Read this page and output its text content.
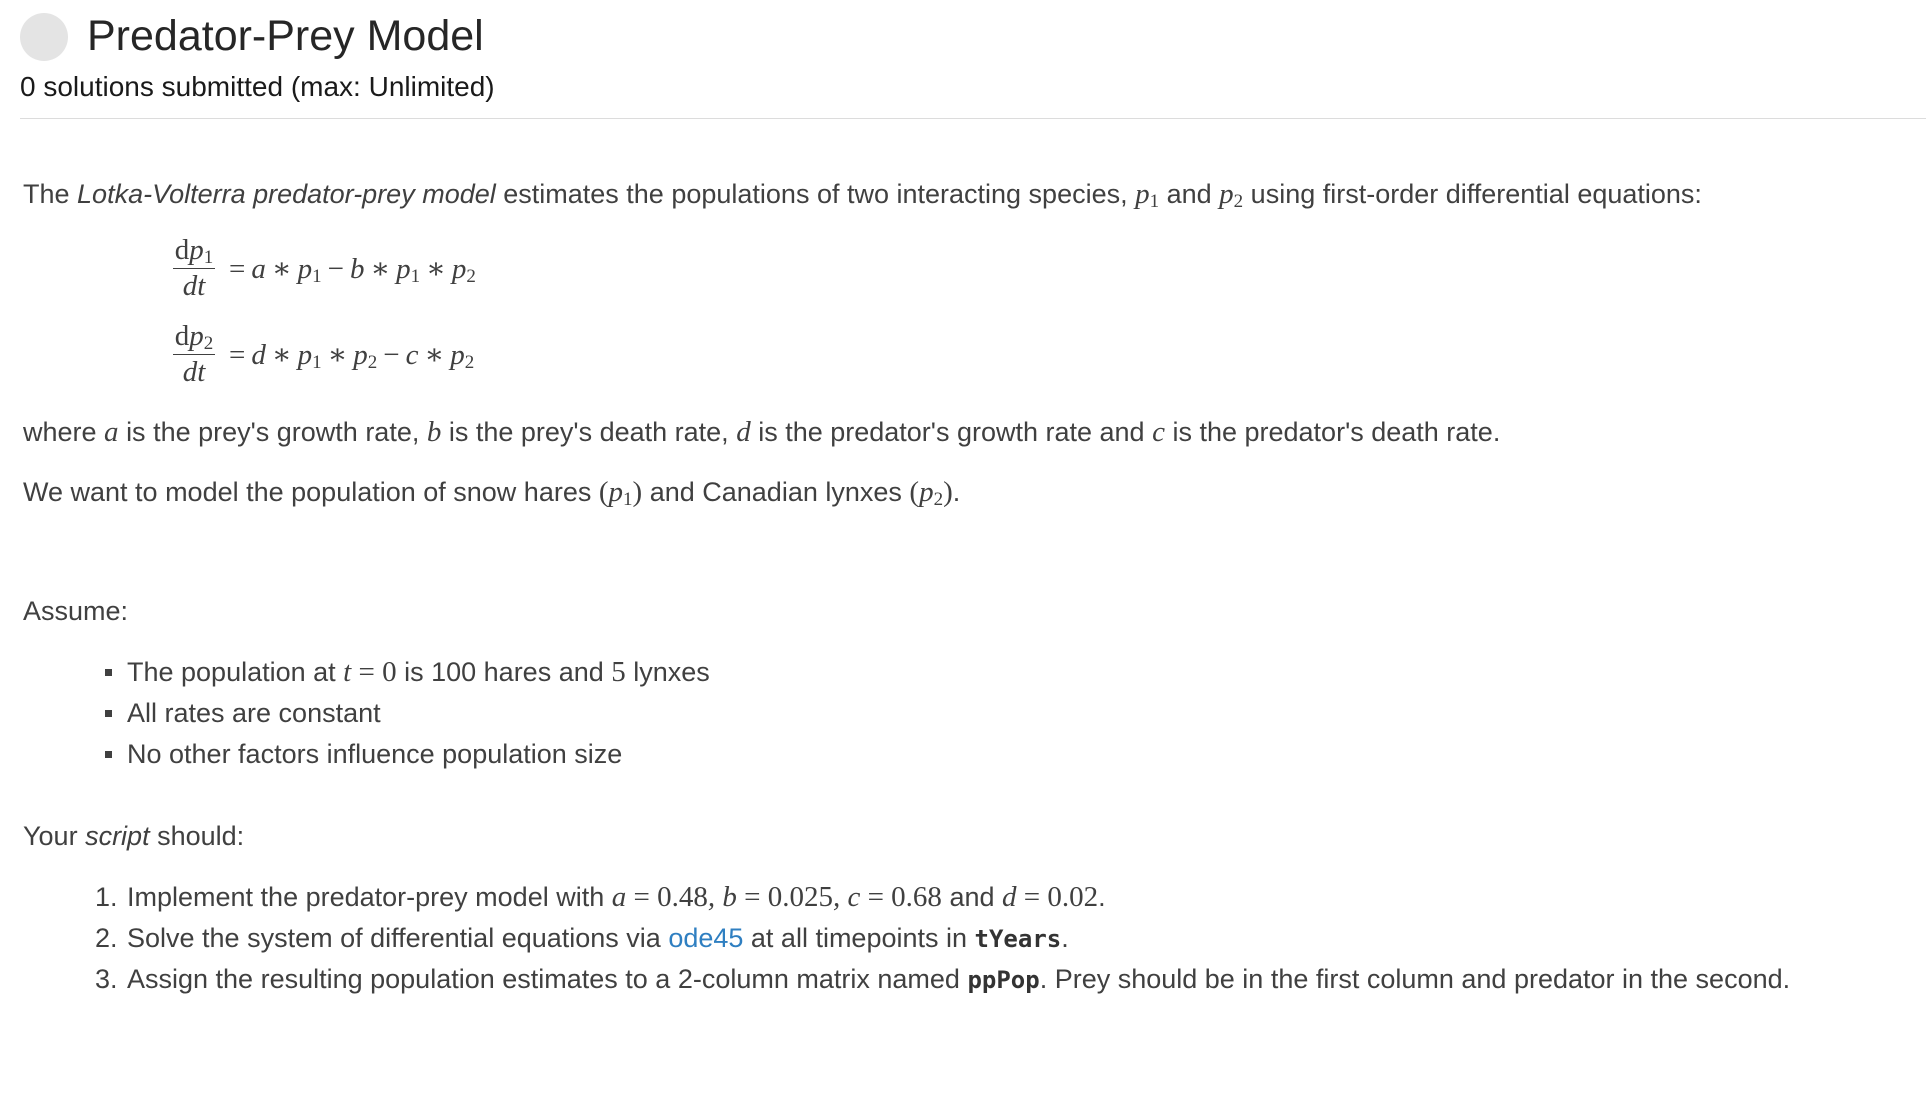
Predator-Prey Model
0 solutions submitted (max: Unlimited)
The Lotka-Volterra predator-prey model estimates the populations of two interacting species, $p_1$ and $p_2$ using first-order differential equations:
$\frac{dp_1}{dt} = a$ ∗ $p_1 - b$ ∗ $p_1$ ∗ $p_2$
$\frac{dp_2}{dt} = d$ ∗ $p_1$ ∗ $p_2 - c$ ∗ $p_2$
where a is the prey's growth rate, b is the prey's death rate, d is the predator's growth rate and c is the predator's death rate.
We want to model the population of snow hares $(p_1)$ and Canadian lynxes $(p_2)$.
Assume:
The population at t = 0 is 100 hares and 5 lynxes
All rates are constant
No other factors influence population size
Your script should:
1. Implement the predator-prey model with a = 0.48, b = 0.025, c = 0.68 and d = 0.02.
2. Solve the system of differential equations via ode45 at all timepoints in tYears.
3. Assign the resulting population estimates to a 2-column matrix named ppPop. Prey should be in the first column and predator in the second.
